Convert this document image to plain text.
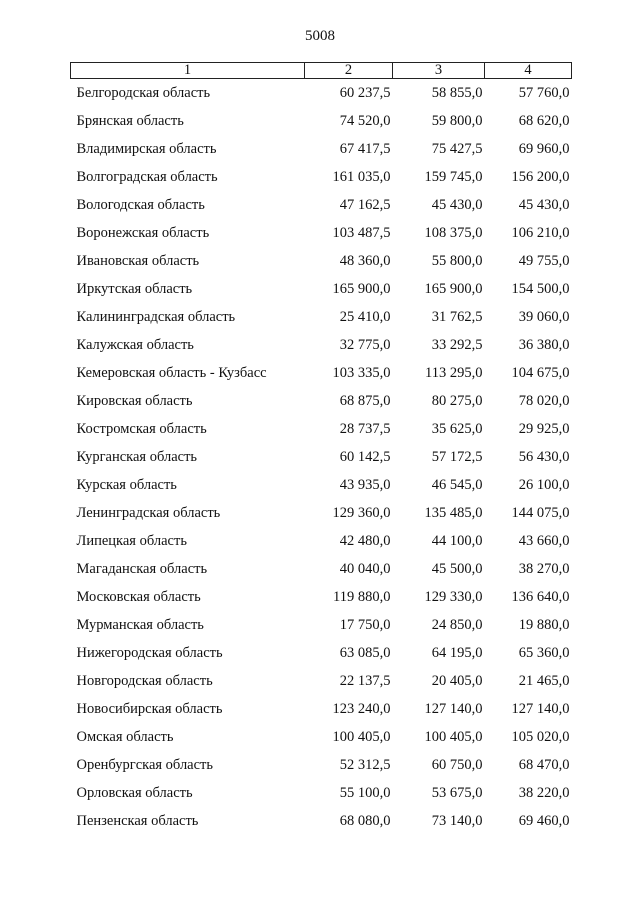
5008
1	2	3	4
Белгородская область	60 237,5	58 855,0	57 760,0
Брянская область	74 520,0	59 800,0	68 620,0
Владимирская область	67 417,5	75 427,5	69 960,0
Волгоградская область	161 035,0	159 745,0	156 200,0
Вологодская область	47 162,5	45 430,0	45 430,0
Воронежская область	103 487,5	108 375,0	106 210,0
Ивановская область	48 360,0	55 800,0	49 755,0
Иркутская область	165 900,0	165 900,0	154 500,0
Калининградская область	25 410,0	31 762,5	39 060,0
Калужская область	32 775,0	33 292,5	36 380,0
Кемеровская область - Кузбасс	103 335,0	113 295,0	104 675,0
Кировская область	68 875,0	80 275,0	78 020,0
Костромская область	28 737,5	35 625,0	29 925,0
Курганская область	60 142,5	57 172,5	56 430,0
Курская область	43 935,0	46 545,0	26 100,0
Ленинградская область	129 360,0	135 485,0	144 075,0
Липецкая область	42 480,0	44 100,0	43 660,0
Магаданская область	40 040,0	45 500,0	38 270,0
Московская область	119 880,0	129 330,0	136 640,0
Мурманская область	17 750,0	24 850,0	19 880,0
Нижегородская область	63 085,0	64 195,0	65 360,0
Новгородская область	22 137,5	20 405,0	21 465,0
Новосибирская область	123 240,0	127 140,0	127 140,0
Омская область	100 405,0	100 405,0	105 020,0
Оренбургская область	52 312,5	60 750,0	68 470,0
Орловская область	55 100,0	53 675,0	38 220,0
Пензенская область	68 080,0	73 140,0	69 460,0
